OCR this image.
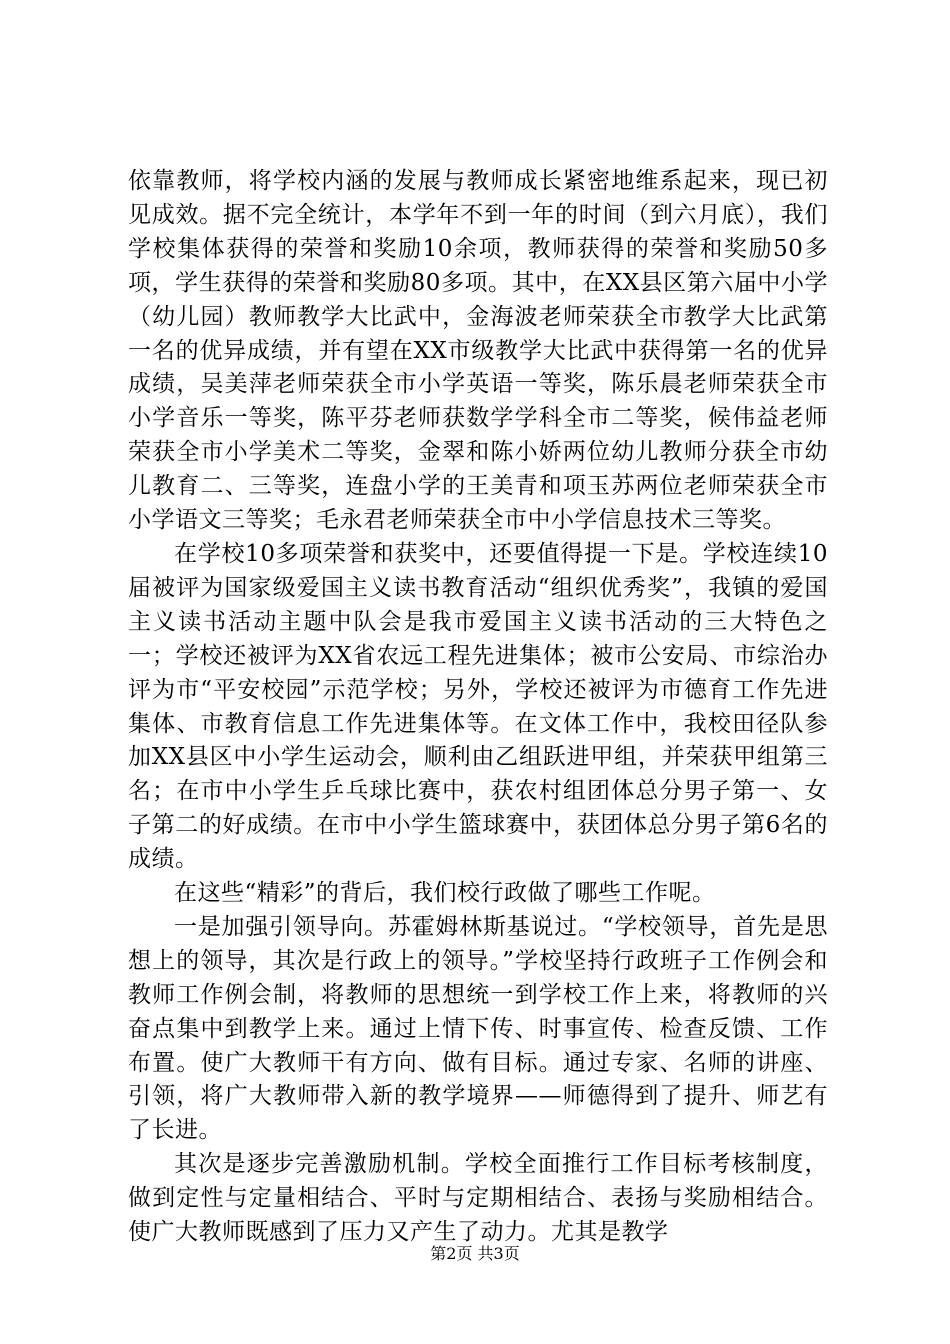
依靠教师，将学校内涵的发展与教师成长紧密地维系起来，现已初见成效。据不完全统计，本学年不到一年的时间（到六月底），我们学校集体获得的荣誉和奖励10余项，教师获得的荣誉和奖励50多项，学生获得的荣誉和奖励80多项。其中，在XX县区第六届中小学（幼儿园）教师教学大比武中，金海波老师荣获全市教学大比武第一名的优异成绩，并有望在XX市级教学大比武中获得第一名的优异成绩，吴美萍老师荣获全市小学英语一等奖，陈乐晨老师荣获全市小学音乐一等奖，陈平芬老师获数学学科全市二等奖，候伟益老师荣获全市小学美术二等奖，金翠和陈小娇两位幼儿教师分获全市幼儿教育二、三等奖，连盘小学的王美青和项玉苏两位老师荣获全市小学语文三等奖；毛永君老师荣获全市中小学信息技术三等奖。

在学校10多项荣誉和获奖中，还要值得提一下是。学校连续10届被评为国家级爱国主义读书教育活动“组织优秀奖”，我镇的爱国主义读书活动主题中队会是我市爱国主义读书活动的三大特色之一；学校还被评为XX省农远工程先进集体；被市公安局、市综治办评为市“平安校园”示范学校；另外，学校还被评为市德育工作先进集体、市教育信息工作先进集体等。在文体工作中，我校田径队参加XX县区中小学生运动会，顺利由乙组跃进甲组，并荣获甲组第三名；在市中小学生乒乓球比赛中，获农村组团体总分男子第一、女子第二的好成绩。在市中小学生篮球赛中，获团体总分男子第6名的成绩。

在这些“精彩”的背后，我们校行政做了哪些工作呢。

一是加强引领导向。苏霍姆林斯基说过。“学校领导，首先是思想上的领导，其次是行政上的领导。”学校坚持行政班子工作例会和教师工作例会制，将教师的思想统一到学校工作上来，将教师的兴奋点集中到教学上来。通过上情下传、时事宣传、检查反馈、工作布置。使广大教师干有方向、做有目标。通过专家、名师的讲座、引领，将广大教师带入新的教学境界——师德得到了提升、师艺有了长进。

其次是逐步完善激励机制。学校全面推行工作目标考核制度，做到定性与定量相结合、平时与定期相结合、表扬与奖励相结合。使广大教师既感到了压力又产生了动力。尤其是教学

第2页 共3页
